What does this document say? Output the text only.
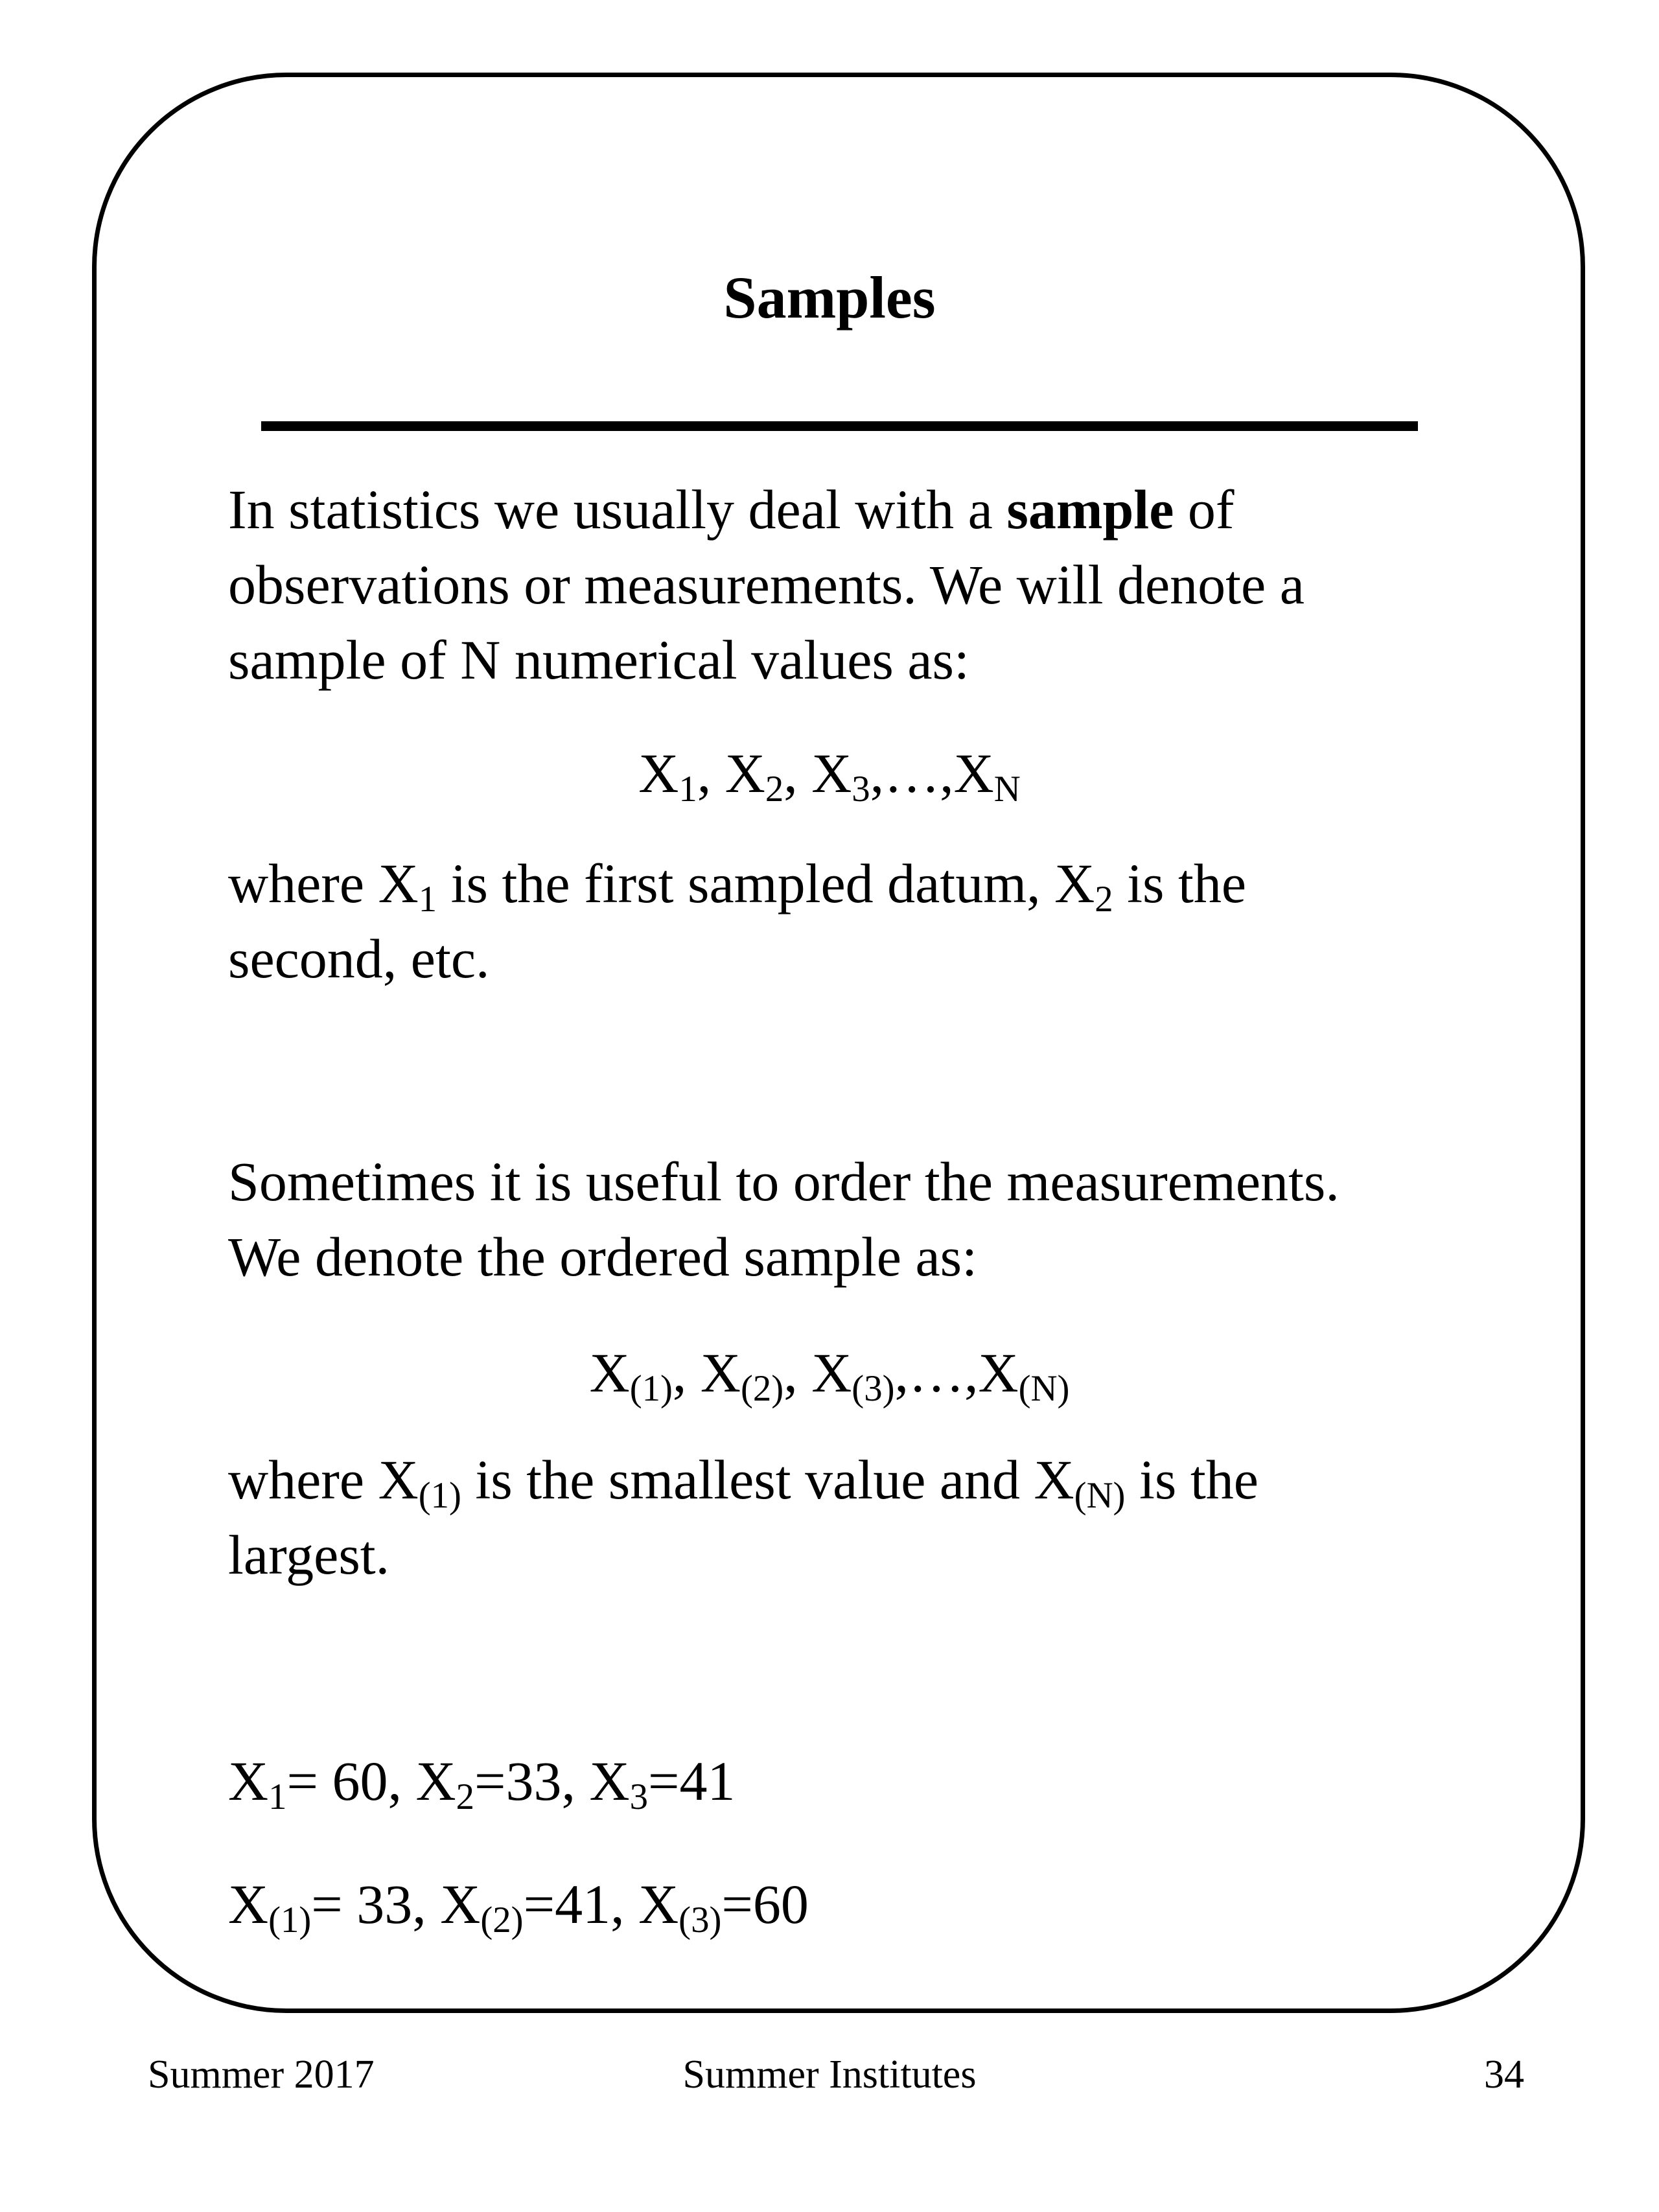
Samples
In statistics we usually deal with a sample of
observations or measurements. We will denote a
sample of N numerical values as:
$X_1$, $X_2$, $X_3,\dots,X_N$
where $X_1$ is the first sampled datum, $X_2$ is the
second, etc.
Sometimes it is useful to order the measurements.
We denote the ordered sample as:
$X_{(1)}$, $X_{(2)}$, $X_{(3)},\dots,X_{(N)}$
where $X_{(1)}$ is the smallest value and $X_{(N)}$ is the
largest.
$X_1= 60$, $X_2=33$, $X_3=41$
$X_{(1)}= 33$, $X_{(2)}=41$, $X_{(3)}=60$
Summer 2017	Summer Institutes	34
